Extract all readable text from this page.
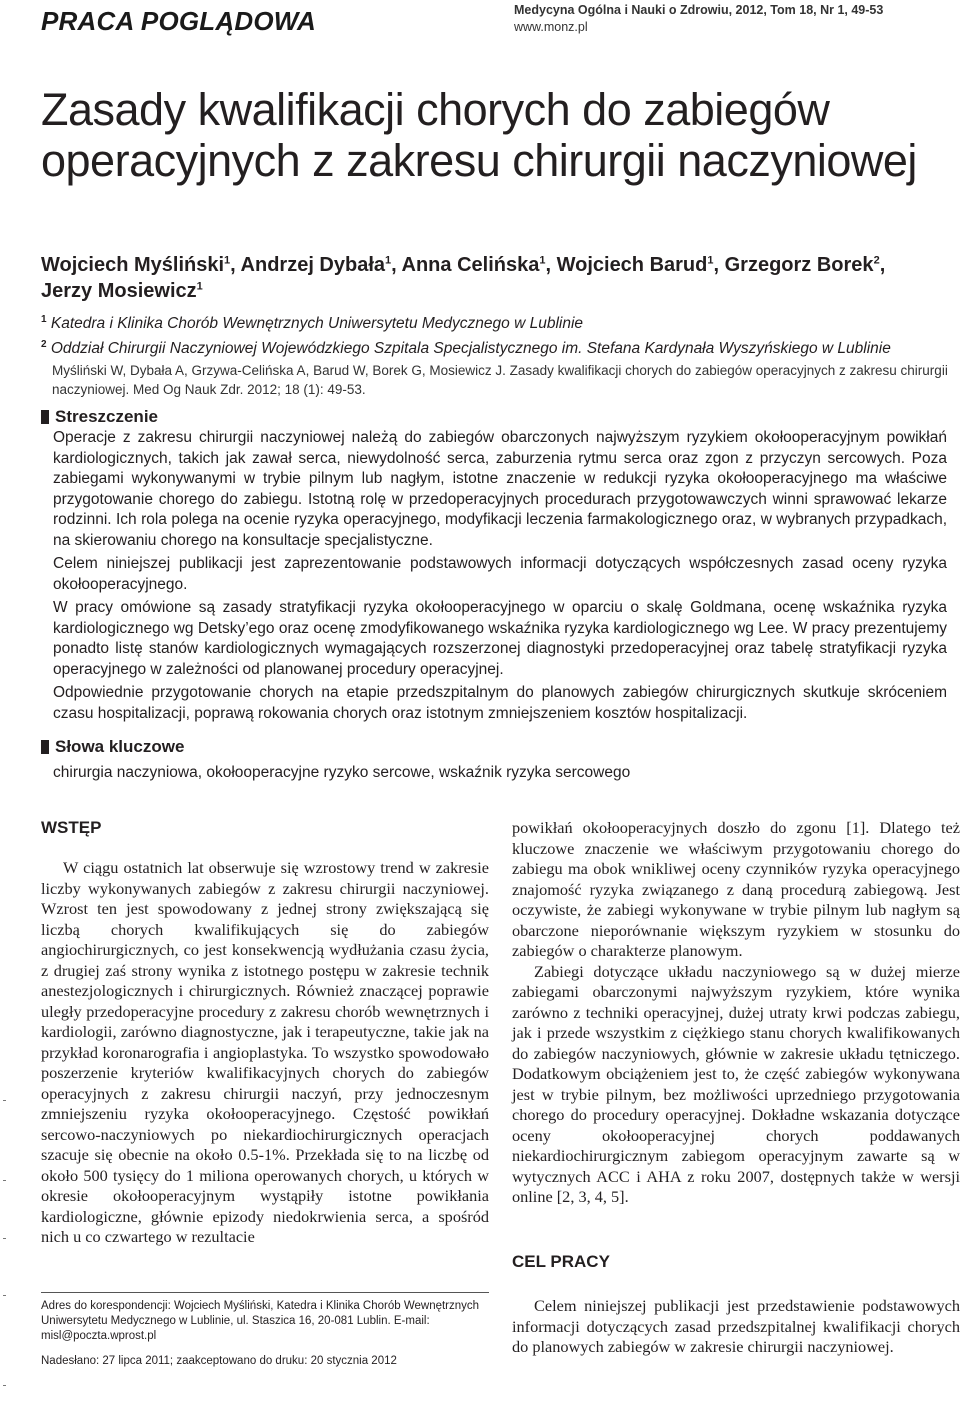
PRACA POGLĄDOWA	Medycyna Ogólna i Nauki o Zdrowiu, 2012, Tom 18, Nr 1, 49-53
www.monz.pl
Zasady kwalifikacji chorych do zabiegów operacyjnych z zakresu chirurgii naczyniowej
Wojciech Myśliński$^1$, Andrzej Dybała$^1$, Anna Celińska$^1$, Wojciech Barud$^1$, Grzegorz Borek$^2$,
Jerzy Mosiewicz$^1$
$^1$ Katedra i Klinika Chorób Wewnętrznych Uniwersytetu Medycznego w Lublinie
$^2$ Oddział Chirurgii Naczyniowej Wojewódzkiego Szpitala Specjalistycznego im. Stefana Kardynała Wyszyńskiego w Lublinie
Myśliński W, Dybała A, Grzywa-Celińska A, Barud W, Borek G, Mosiewicz J. Zasady kwalifikacji chorych do zabiegów operacyjnych z zakresu chirurgii naczyniowej. Med Og Nauk Zdr. 2012; 18 (1): 49-53.
Streszczenie

Operacje z zakresu chirurgii naczyniowej należą do zabiegów obarczonych najwyższym ryzykiem okołooperacyjnym powikłań kardiologicznych, takich jak zawał serca, niewydolność serca, zaburzenia rytmu serca oraz zgon z przyczyn sercowych. Poza zabiegami wykonywanymi w trybie pilnym lub nagłym, istotne znaczenie w redukcji ryzyka okołooperacyjnego ma właściwe przygotowanie chorego do zabiegu. Istotną rolę w przedoperacyjnych procedurach przygotowawczych winni sprawować lekarze rodzinni. Ich rola polega na ocenie ryzyka operacyjnego, modyfikacji leczenia farmakologicznego oraz, w wybranych przypadkach, na skierowaniu chorego na konsultacje specjalistyczne.

Celem niniejszej publikacji jest zaprezentowanie podstawowych informacji dotyczących współczesnych zasad oceny ryzyka okołooperacyjnego.

W pracy omówione są zasady stratyfikacji ryzyka okołooperacyjnego w oparciu o skalę Goldmana, ocenę wskaźnika ryzyka kardiologicznego wg Detsky’ego oraz ocenę zmodyfikowanego wskaźnika ryzyka kardiologicznego wg Lee. W pracy prezentujemy ponadto listę stanów kardiologicznych wymagających rozszerzonej diagnostyki przedoperacyjnej oraz tabelę stratyfikacji ryzyka operacyjnego w zależności od planowanej procedury operacyjnej.

Odpowiednie przygotowanie chorych na etapie przedszpitalnym do planowych zabiegów chirurgicznych skutkuje skróceniem czasu hospitalizacji, poprawą rokowania chorych oraz istotnym zmniejszeniem kosztów hospitalizacji.

Słowa kluczowe
chirurgia naczyniowa, okołooperacyjne ryzyko sercowe, wskaźnik ryzyka sercowego
WSTĘP

W ciągu ostatnich lat obserwuje się wzrostowy trend w zakresie liczby wykonywanych zabiegów z zakresu chirurgii naczyniowej. Wzrost ten jest spowodowany z jednej strony zwiększającą się liczbą chorych kwalifikujących się do zabiegów angiochirurgicznych, co jest konsekwencją wydłużania czasu życia, z drugiej zaś strony wynika z istotnego postępu w zakresie technik anestezjologicznych i chirurgicznych. Również znaczącej poprawie uległy przedoperacyjne procedury z zakresu chorób wewnętrznych i kardiologii, zarówno diagnostyczne, jak i terapeutyczne, takie jak na przykład koronarografia i angioplastyka. To wszystko spowodowało poszerzenie kryteriów kwalifikacyjnych chorych do zabiegów operacyjnych z zakresu chirurgii naczyń, przy jednoczesnym zmniejszeniu ryzyka okołooperacyjnego. Częstość powikłań sercowo-naczyniowych po niekardiochirurgicznych operacjach szacuje się obecnie na około 0.5-1%. Przekłada się to na liczbę od około 500 tysięcy do 1 miliona operowanych chorych, u których w okresie okołooperacyjnym wystąpiły istotne powikłania kardiologiczne, głównie epizody niedokrwienia serca, a spośród nich u co czwartego w rezultacie

powikłań okołooperacyjnych doszło do zgonu [1]. Dlatego też kluczowe znaczenie we właściwym przygotowaniu chorego do zabiegu ma obok wnikliwej oceny czynników ryzyka operacyjnego znajomość ryzyka związanego z daną procedurą zabiegową. Jest oczywiste, że zabiegi wykonywane w trybie pilnym lub nagłym są obarczone nieporównanie większym ryzykiem w stosunku do zabiegów o charakterze planowym.

Zabiegi dotyczące układu naczyniowego są w dużej mierze zabiegami obarczonymi najwyższym ryzykiem, które wynika zarówno z techniki operacyjnej, dużej utraty krwi podczas zabiegu, jak i przede wszystkim z ciężkiego stanu chorych kwalifikowanych do zabiegów naczyniowych, głównie w zakresie układu tętniczego. Dodatkowym obciążeniem jest to, że część zabiegów wykonywana jest w trybie pilnym, bez możliwości uprzedniego przygotowania chorego do procedury operacyjnej. Dokładne wskazania dotyczące oceny okołooperacyjnej chorych poddawanych niekardiochirurgicznym zabiegom operacyjnym zawarte są w wytycznych ACC i AHA z roku 2007, dostępnych także w wersji online [2, 3, 4, 5].

CEL PRACY

Celem niniejszej publikacji jest przedstawienie podstawowych informacji dotyczących zasad przedszpitalnej kwalifikacji chorych do planowych zabiegów w zakresie chirurgii naczyniowej.

Adres do korespondencji: Wojciech Myśliński, Katedra i Klinika Chorób Wewnętrznych Uniwersytetu Medycznego w Lublinie, ul. Staszica 16, 20-081 Lublin. E-mail: misl@poczta.wprost.pl
Nadesłano: 27 lipca 2011; zaakceptowano do druku: 20 stycznia 2012
